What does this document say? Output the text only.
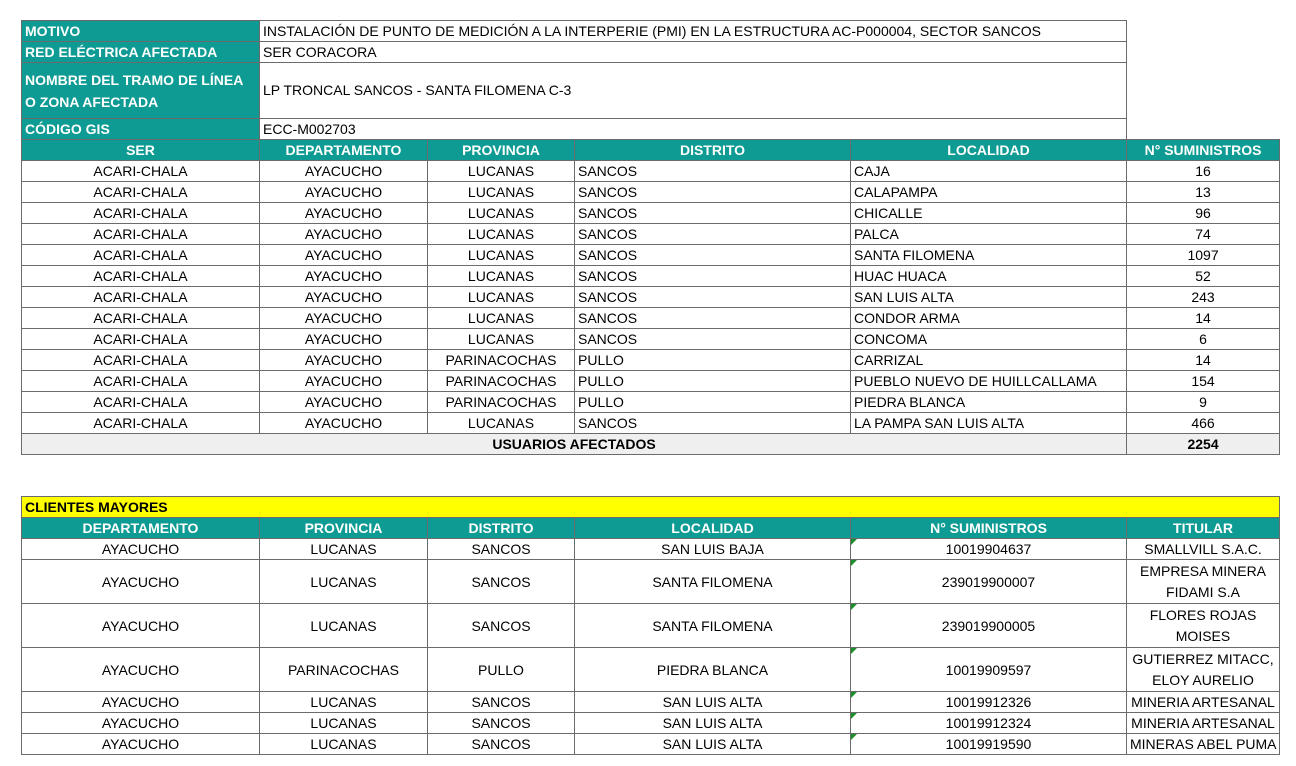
MOTIVO	INSTALACIÓN DE PUNTO DE MEDICIÓN A LA INTERPERIE (PMI) EN LA ESTRUCTURA AC-P000004, SECTOR SANCOS				
RED ELÉCTRICA AFECTADA	SER CORACORA				
NOMBRE DEL TRAMO DE LÍNEA O ZONA AFECTADA	LP TRONCAL SANCOS - SANTA FILOMENA C-3				
CÓDIGO GIS	ECC-M002703				
SER	DEPARTAMENTO	PROVINCIA	DISTRITO	LOCALIDAD	N° SUMINISTROS
ACARI-CHALA	AYACUCHO	LUCANAS	SANCOS	CAJA	16
ACARI-CHALA	AYACUCHO	LUCANAS	SANCOS	CALAPAMPA	13
ACARI-CHALA	AYACUCHO	LUCANAS	SANCOS	CHICALLE	96
ACARI-CHALA	AYACUCHO	LUCANAS	SANCOS	PALCA	74
ACARI-CHALA	AYACUCHO	LUCANAS	SANCOS	SANTA FILOMENA	1097
ACARI-CHALA	AYACUCHO	LUCANAS	SANCOS	HUAC HUACA	52
ACARI-CHALA	AYACUCHO	LUCANAS	SANCOS	SAN LUIS ALTA	243
ACARI-CHALA	AYACUCHO	LUCANAS	SANCOS	CONDOR ARMA	14
ACARI-CHALA	AYACUCHO	LUCANAS	SANCOS	CONCOMA	6
ACARI-CHALA	AYACUCHO	PARINACOCHAS	PULLO	CARRIZAL	14
ACARI-CHALA	AYACUCHO	PARINACOCHAS	PULLO	PUEBLO NUEVO DE HUILLCALLAMA	154
ACARI-CHALA	AYACUCHO	PARINACOCHAS	PULLO	PIEDRA BLANCA	9
ACARI-CHALA	AYACUCHO	LUCANAS	SANCOS	LA PAMPA SAN LUIS ALTA	466
USUARIOS AFECTADOS					2254
CLIENTES MAYORES					
DEPARTAMENTO	PROVINCIA	DISTRITO	LOCALIDAD	N° SUMINISTROS	TITULAR
AYACUCHO	LUCANAS	SANCOS	SAN LUIS BAJA	10019904637	SMALLVILL S.A.C.
AYACUCHO	LUCANAS	SANCOS	SANTA FILOMENA	239019900007	EMPRESA MINERA FIDAMI S.A
AYACUCHO	LUCANAS	SANCOS	SANTA FILOMENA	239019900005	FLORES ROJAS MOISES
AYACUCHO	PARINACOCHAS	PULLO	PIEDRA BLANCA	10019909597	GUTIERREZ MITACC, ELOY AURELIO
AYACUCHO	LUCANAS	SANCOS	SAN LUIS ALTA	10019912326	MINERIA ARTESANAL
AYACUCHO	LUCANAS	SANCOS	SAN LUIS ALTA	10019912324	MINERIA ARTESANAL
AYACUCHO	LUCANAS	SANCOS	SAN LUIS ALTA	10019919590	MINERAS ABEL PUMA
